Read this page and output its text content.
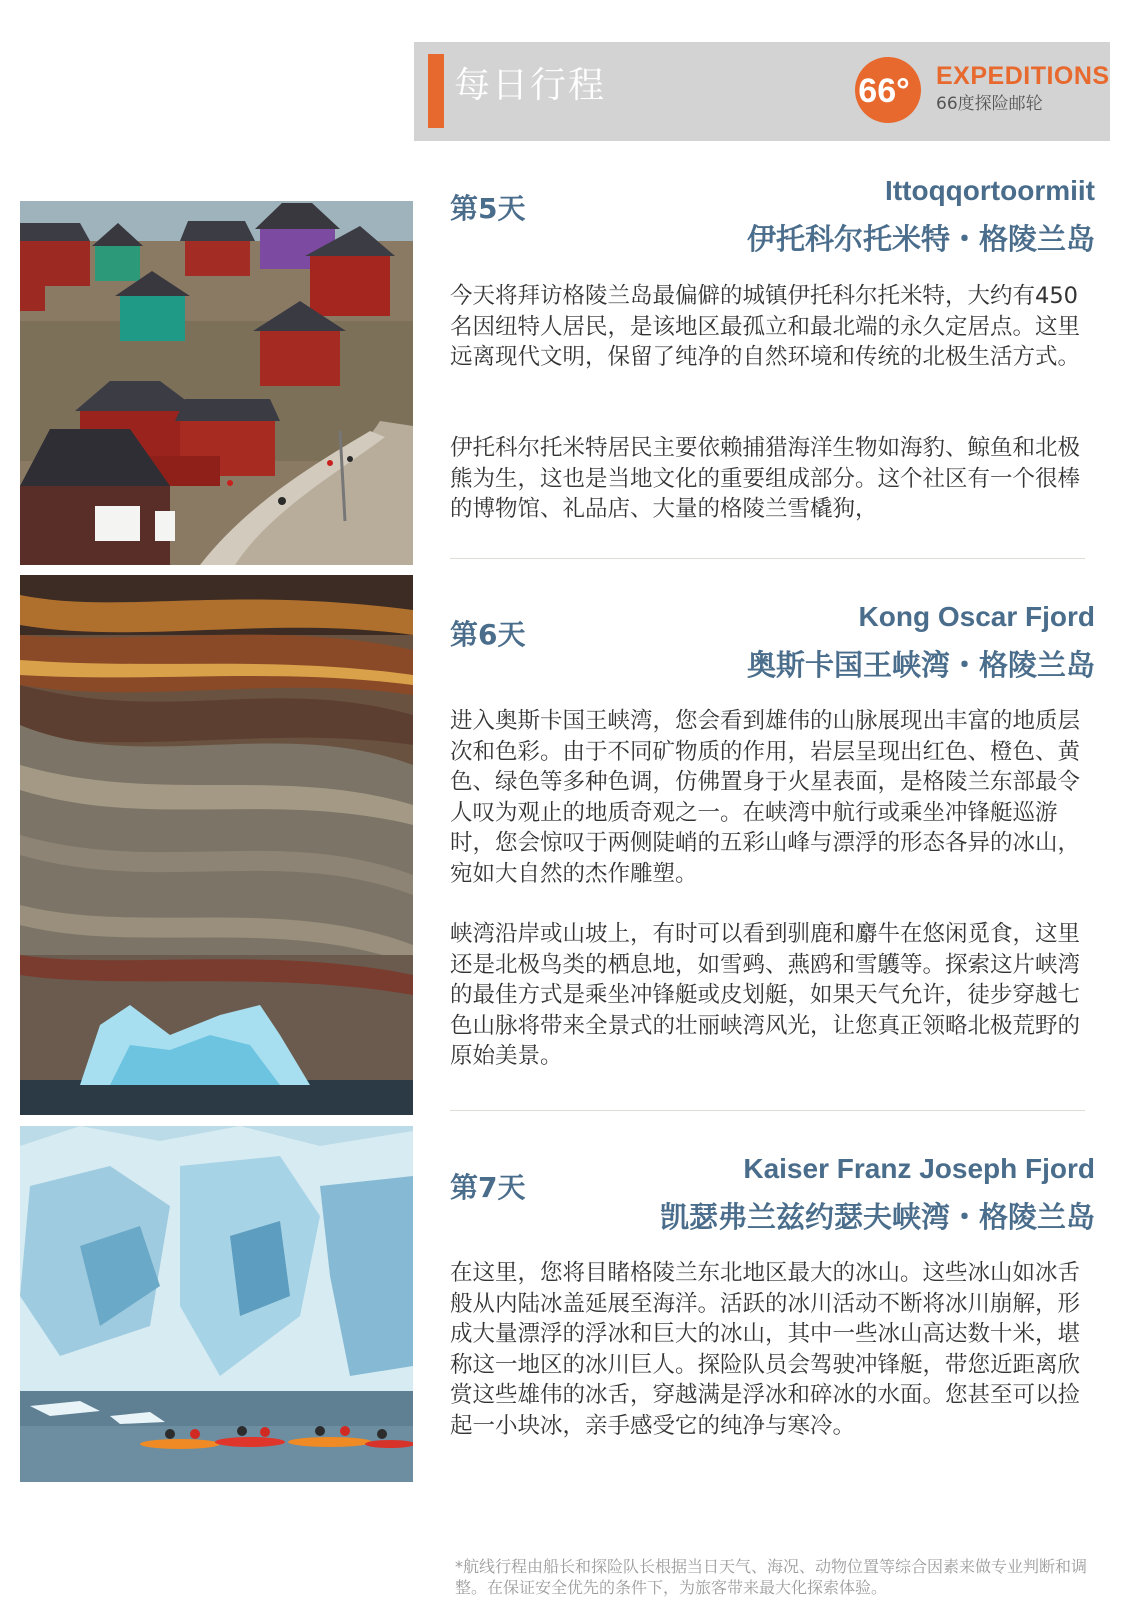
每日行程	66° EXPEDITIONS
66度探险邮轮
第5天
Ittoqqortoormiit
伊托科尔托米特・格陵兰岛

今天将拜访格陵兰岛最偏僻的城镇伊托科尔托米特，大约有450名因纽特人居民，是该地区最孤立和最北端的永久定居点。这里远离现代文明，保留了纯净的自然环境和传统的北极生活方式。

伊托科尔托米特居民主要依赖捕猎海洋生物如海豹、鲸鱼和北极熊为生，这也是当地文化的重要组成部分。这个社区有一个很棒的博物馆、礼品店、大量的格陵兰雪橇狗，

第6天
Kong Oscar Fjord
奥斯卡国王峡湾・格陵兰岛

进入奥斯卡国王峡湾，您会看到雄伟的山脉展现出丰富的地质层次和色彩。由于不同矿物质的作用，岩层呈现出红色、橙色、黄色、绿色等多种色调，仿佛置身于火星表面，是格陵兰东部最令人叹为观止的地质奇观之一。在峡湾中航行或乘坐冲锋艇巡游时，您会惊叹于两侧陡峭的五彩山峰与漂浮的形态各异的冰山，宛如大自然的杰作雕塑。

峡湾沿岸或山坡上，有时可以看到驯鹿和麝牛在悠闲觅食，这里还是北极鸟类的栖息地，如雪鹀、燕鸥和雪鸌等。探索这片峡湾的最佳方式是乘坐冲锋艇或皮划艇，如果天气允许，徒步穿越七色山脉将带来全景式的壮丽峡湾风光，让您真正领略北极荒野的原始美景。

第7天
Kaiser Franz Joseph Fjord
凯瑟弗兰兹约瑟夫峡湾・格陵兰岛

在这里，您将目睹格陵兰东北地区最大的冰山。这些冰山如冰舌般从内陆冰盖延展至海洋。活跃的冰川活动不断将冰川崩解，形成大量漂浮的浮冰和巨大的冰山，其中一些冰山高达数十米，堪称这一地区的冰川巨人。探险队员会驾驶冲锋艇，带您近距离欣赏这些雄伟的冰舌，穿越满是浮冰和碎冰的水面。您甚至可以捡起一小块冰，亲手感受它的纯净与寒冷。

*航线行程由船长和探险队长根据当日天气、海况、动物位置等综合因素来做专业判断和调整。在保证安全优先的条件下，为旅客带来最大化探索体验。
